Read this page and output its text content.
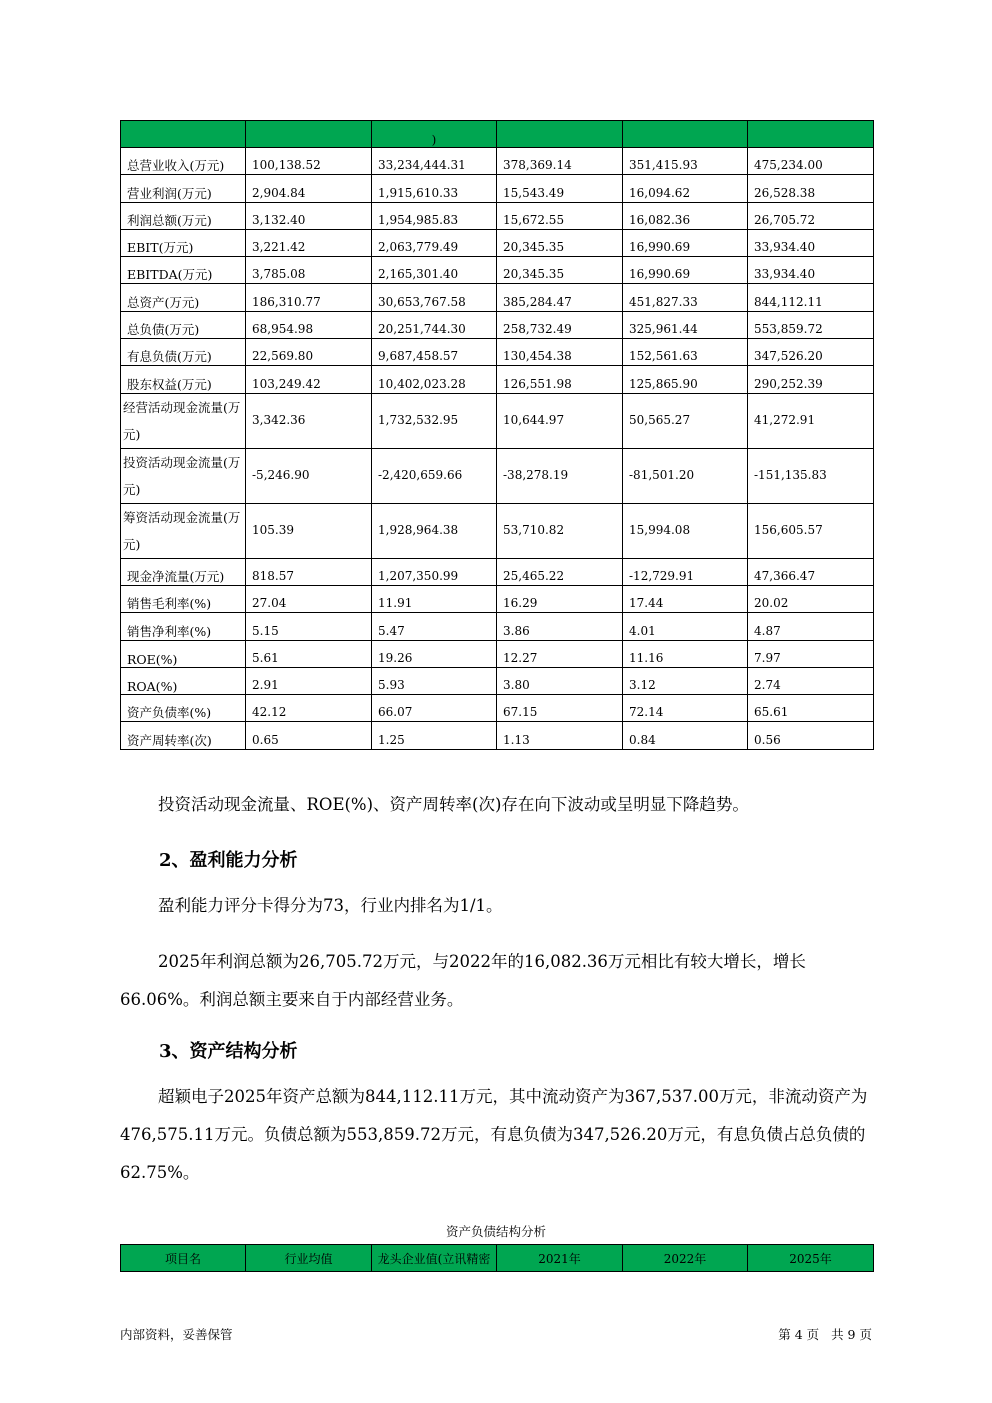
		)			
总营业收入(万元)	100,138.52	33,234,444.31	378,369.14	351,415.93	475,234.00
营业利润(万元)	2,904.84	1,915,610.33	15,543.49	16,094.62	26,528.38
利润总额(万元)	3,132.40	1,954,985.83	15,672.55	16,082.36	26,705.72
EBIT(万元)	3,221.42	2,063,779.49	20,345.35	16,990.69	33,934.40
EBITDA(万元)	3,785.08	2,165,301.40	20,345.35	16,990.69	33,934.40
总资产(万元)	186,310.77	30,653,767.58	385,284.47	451,827.33	844,112.11
总负债(万元)	68,954.98	20,251,744.30	258,732.49	325,961.44	553,859.72
有息负债(万元)	22,569.80	9,687,458.57	130,454.38	152,561.63	347,526.20
股东权益(万元)	103,249.42	10,402,023.28	126,551.98	125,865.90	290,252.39
经营活动现金流量(万元)	3,342.36	1,732,532.95	10,644.97	50,565.27	41,272.91
投资活动现金流量(万元)	-5,246.90	-2,420,659.66	-38,278.19	-81,501.20	-151,135.83
筹资活动现金流量(万元)	105.39	1,928,964.38	53,710.82	15,994.08	156,605.57
现金净流量(万元)	818.57	1,207,350.99	25,465.22	-12,729.91	47,366.47
销售毛利率(%)	27.04	11.91	16.29	17.44	20.02
销售净利率(%)	5.15	5.47	3.86	4.01	4.87
ROE(%)	5.61	19.26	12.27	11.16	7.97
ROA(%)	2.91	5.93	3.80	3.12	2.74
资产负债率(%)	42.12	66.07	67.15	72.14	65.61
资产周转率(次)	0.65	1.25	1.13	0.84	0.56

投资活动现金流量、ROE(%)、资产周转率(次)存在向下波动或呈明显下降趋势。

2、盈利能力分析

盈利能力评分卡得分为73，行业内排名为1/1。

2025年利润总额为26,705.72万元，与2022年的16,082.36万元相比有较大增长，增长66.06%。利润总额主要来自于内部经营业务。

3、资产结构分析

超颖电子2025年资产总额为844,112.11万元，其中流动资产为367,537.00万元，非流动资产为476,575.11万元。负债总额为553,859.72万元，有息负债为347,526.20万元，有息负债占总负债的62.75%。

资产负债结构分析
项目名	行业均值	龙头企业值(立讯精密	2021年	2022年	2025年
内部资料，妥善保管	第 4 页   共 9 页
